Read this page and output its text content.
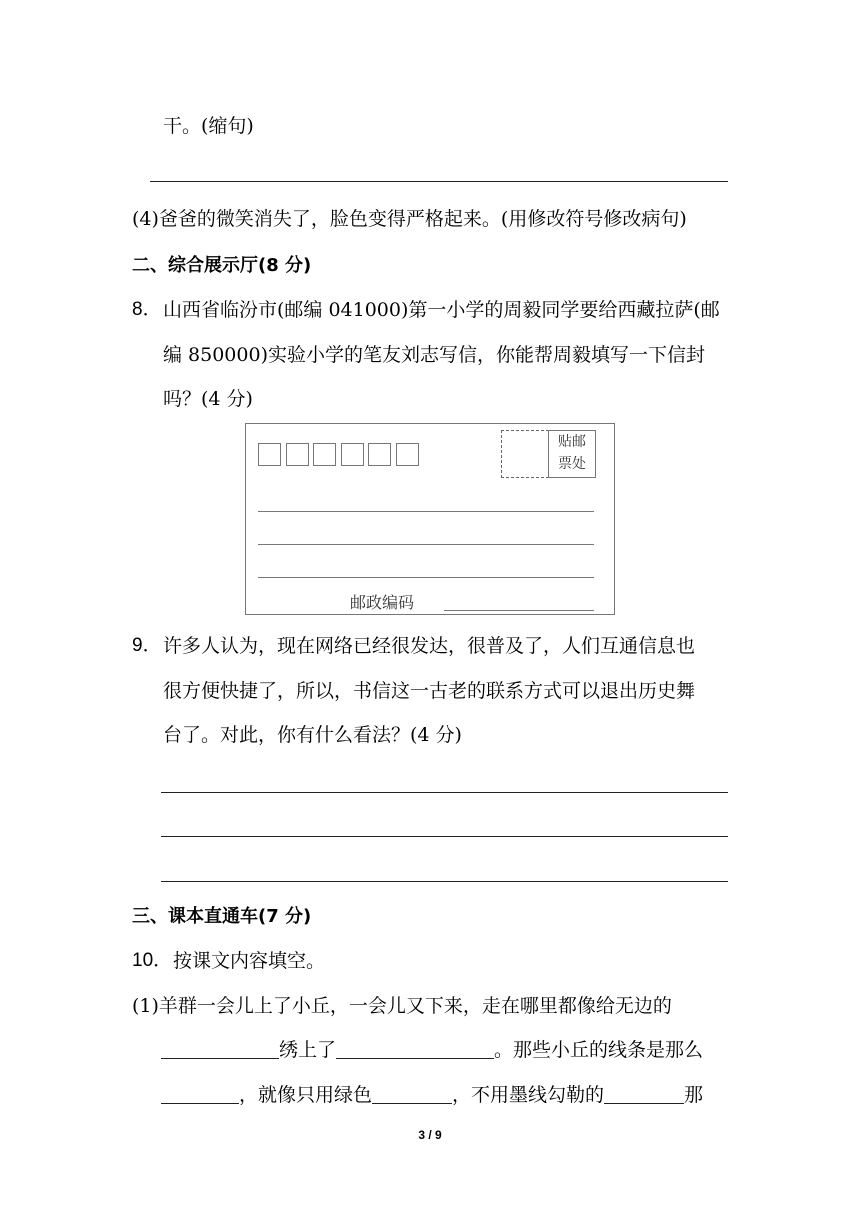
干。(缩句)
(4)爸爸的微笑消失了，脸色变得严格起来。(用修改符号修改病句)
二、综合展示厅(8 分)
8． 山西省临汾市(邮编 041000)第一小学的周毅同学要给西藏拉萨(邮
编 850000)实验小学的笔友刘志写信，你能帮周毅填写一下信封
吗？(4 分)
贴邮
票处
邮政编码
9． 许多人认为，现在网络已经很发达，很普及了，人们互通信息也
很方便快捷了，所以，书信这一古老的联系方式可以退出历史舞
台了。对此，你有什么看法？(4 分)
三、课本直通车(7 分)
10． 按课文内容填空。
(1)羊群一会儿上了小丘，一会儿又下来，走在哪里都像给无边的
绣上了	。那些小丘的线条是那么
，就像只用绿色	，不用墨线勾勒的	那
3 / 9
